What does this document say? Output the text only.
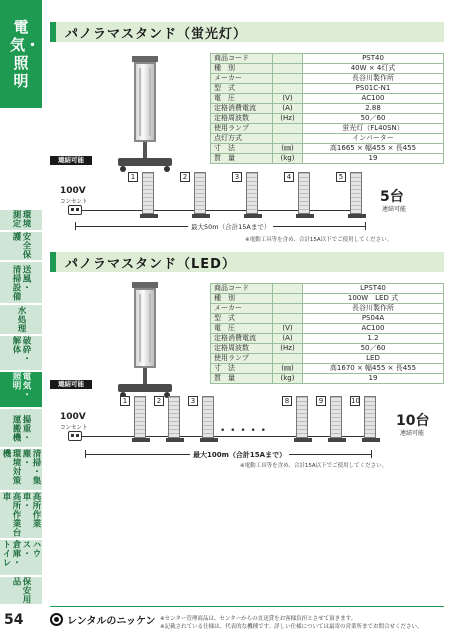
電気・照明
環境測定
安全保護
送風・
清掃設備
水処理
破砕・解体
電気・照明
揚重・
運搬機
清掃・集塵・
環境対策機
高所作業車・
高所作業台車
ハウス・
倉庫・トイレ
保安用品
54
パノラマスタンド（蛍光灯）
商品コード		PST40
種　別		40W × 4灯式
メーカー		長谷川製作所
型　式		PS01C-N1
電　圧	(V)	AC100
定格消費電流	(A)	2.88
定格周波数	(Hz)	50／60
使用ランプ		蛍光灯（FL40SN）
点灯方式		インバーター
寸　法	(㎜)	高1665 × 幅455 × 長455
質　量	(kg)	19
連結可能
100V
コンセント
1	2	3	4	5
5台
連結可能
最大50m（合計15Aまで）
※電動工具等を含め、合計15A以下でご使用してください。
パノラマスタンド（LED）
商品コード		LPST40
種　別		100W　LED 式
メーカー		長谷川製作所
型　式		PS04A
電　圧	(V)	AC100
定格消費電流	(A)	1.2
定格周波数	(Hz)	50／60
使用ランプ		LED
寸　法	(㎜)	高1670 × 幅455 × 長455
質　量	(kg)	19
連結可能
100V
コンセント	• • • • •
1	2	3	8	9	10
10台
連結可能
最大100m（合計15Aまで）
※電動工具等を含め、合計15A以下でご使用してください。
レンタルのニッケン ※センター管理商品は、センターからの直送貸をお客様負担とさせて頂きます。
※記載されている仕様は、代表的な機種です。詳しい仕様については最寄の営業所までお問合せください。
